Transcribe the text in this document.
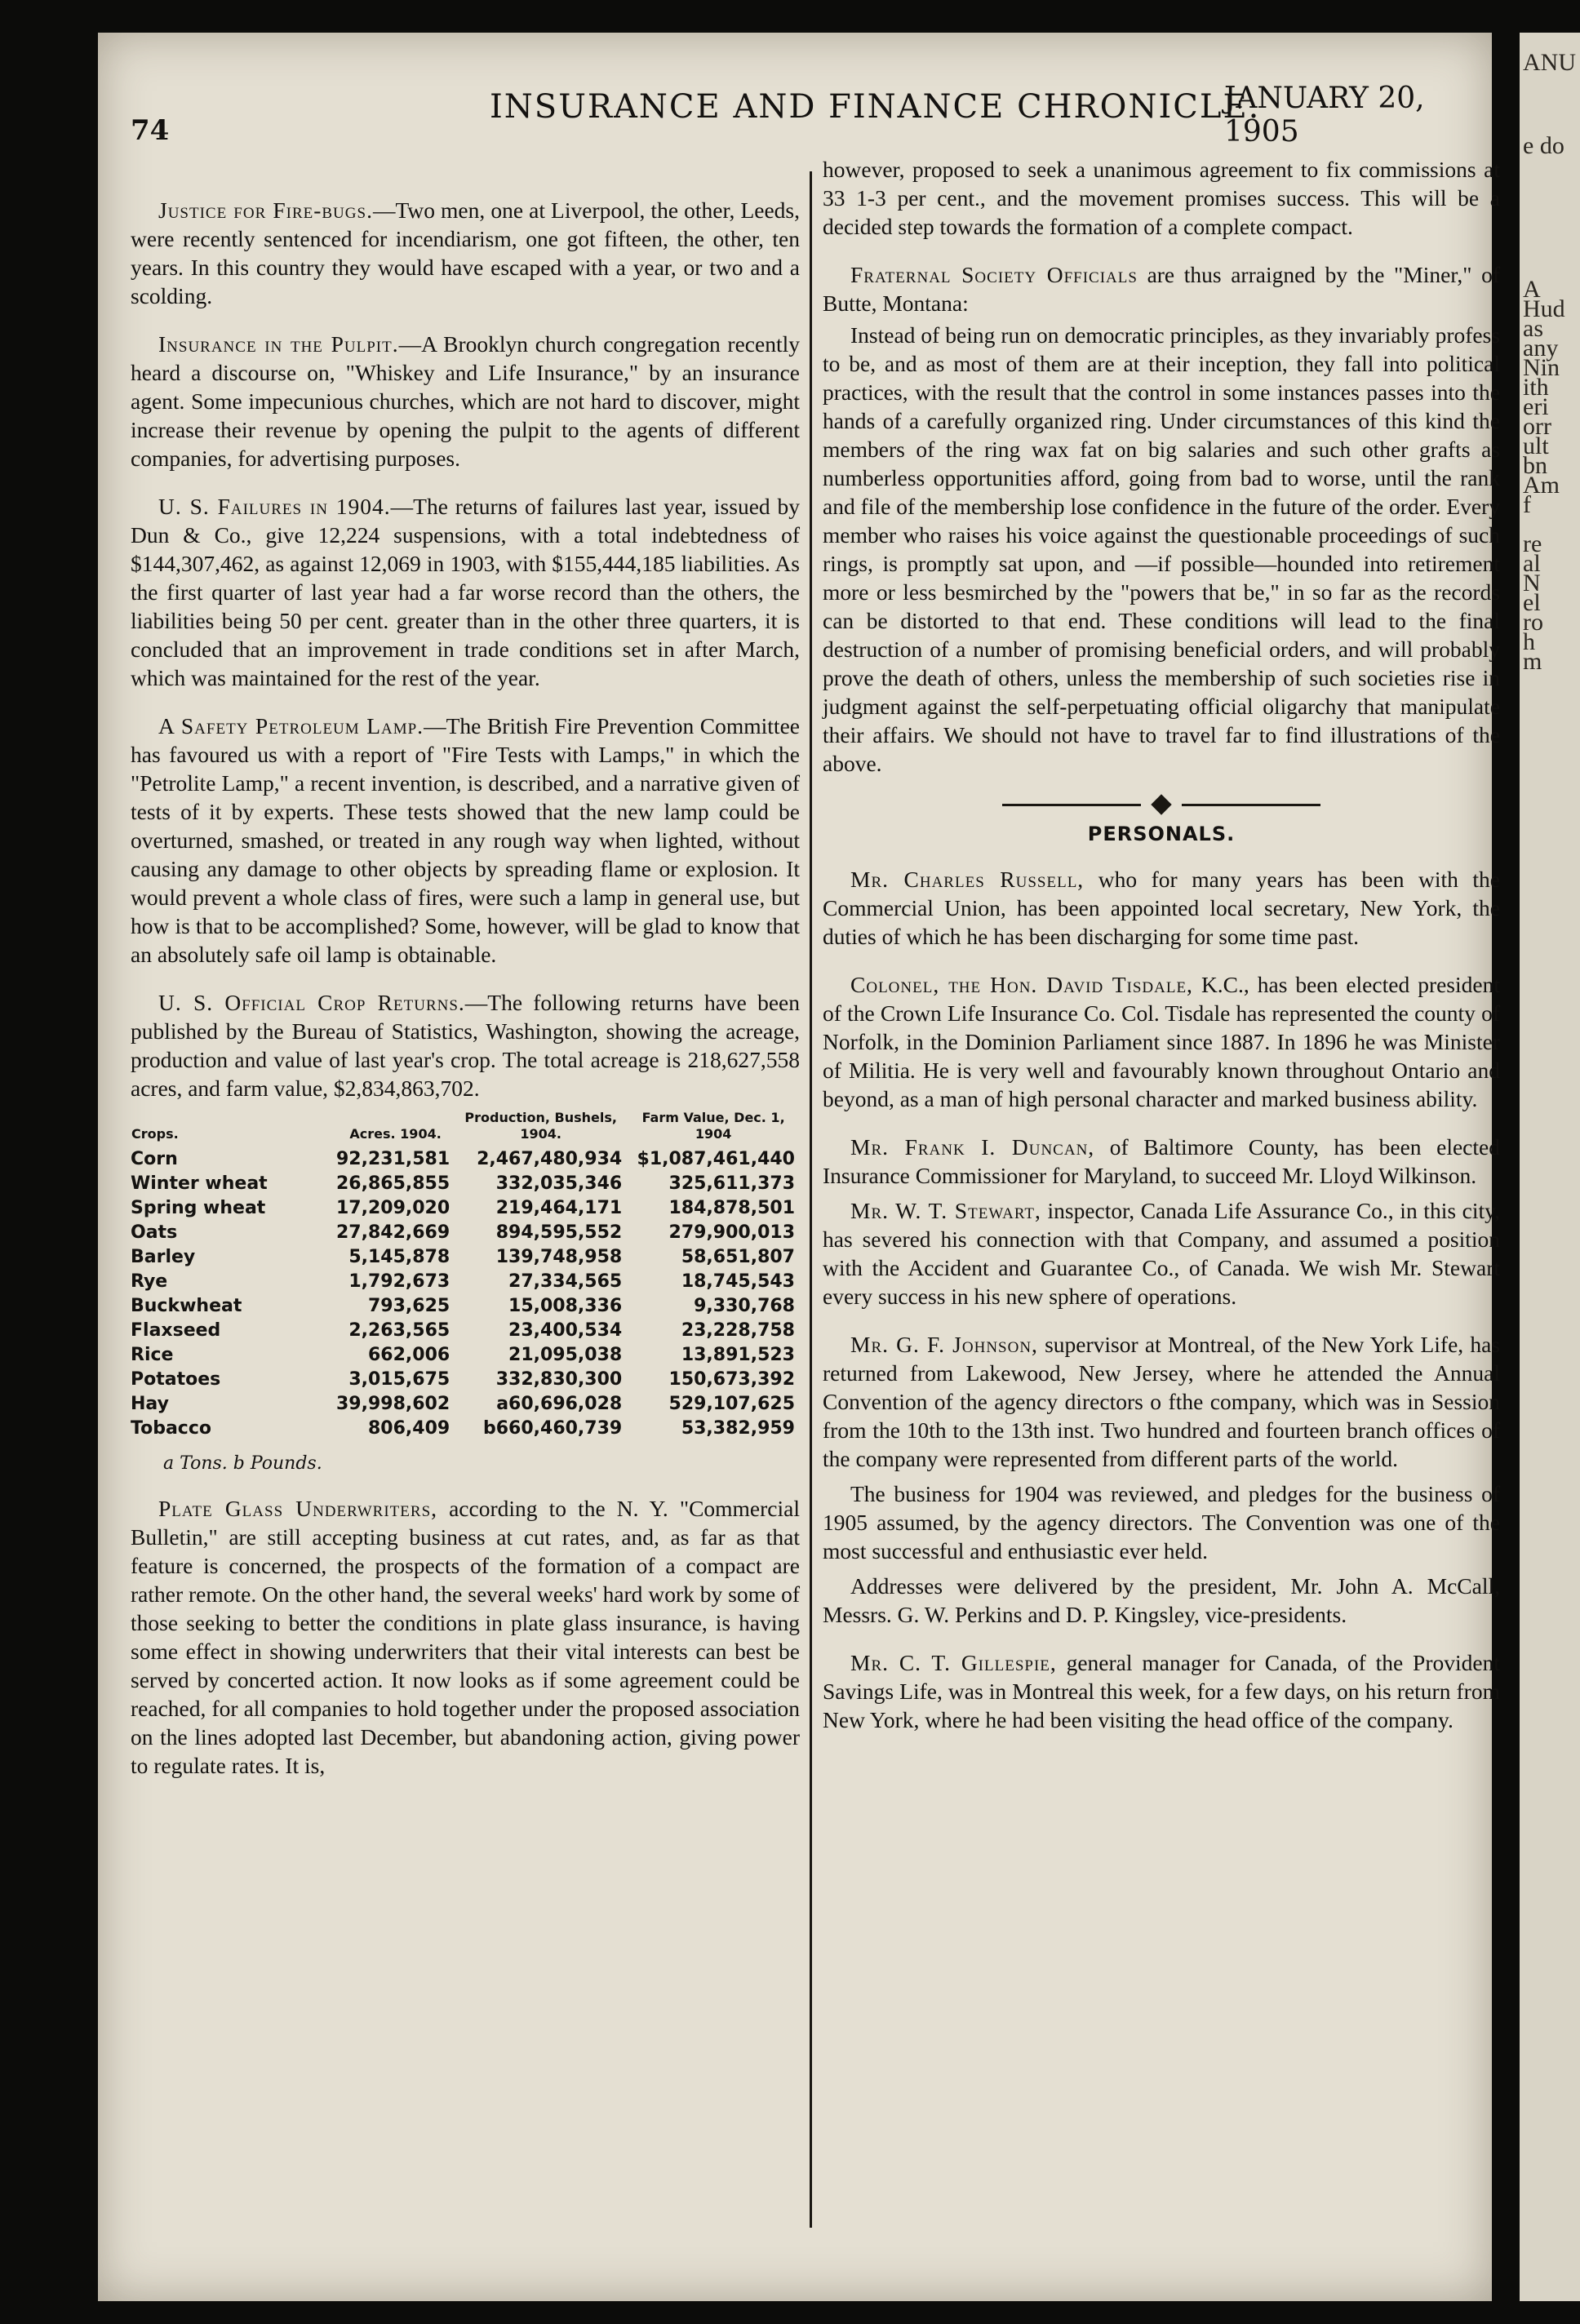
74
INSURANCE AND FINANCE CHRONICLE.
JANUARY 20, 1905

Justice for Fire-bugs.—Two men, one at Liverpool, the other, Leeds, were recently sentenced for incendiarism, one got fifteen, the other, ten years. In this country they would have escaped with a year, or two and a scolding.

Insurance in the Pulpit.—A Brooklyn church congregation recently heard a discourse on, "Whiskey and Life Insurance," by an insurance agent. Some impecunious churches, which are not hard to discover, might increase their revenue by opening the pulpit to the agents of different companies, for advertising purposes.

U. S. Failures in 1904.—The returns of failures last year, issued by Dun & Co., give 12,224 suspensions, with a total indebtedness of $144,307,462, as against 12,069 in 1903, with $155,444,185 liabilities. As the first quarter of last year had a far worse record than the others, the liabilities being 50 per cent. greater than in the other three quarters, it is concluded that an improvement in trade conditions set in after March, which was maintained for the rest of the year.

A Safety Petroleum Lamp.—The British Fire Prevention Committee has favoured us with a report of "Fire Tests with Lamps," in which the "Petrolite Lamp," a recent invention, is described, and a narrative given of tests of it by experts. These tests showed that the new lamp could be overturned, smashed, or treated in any rough way when lighted, without causing any damage to other objects by spreading flame or explosion. It would prevent a whole class of fires, were such a lamp in general use, but how is that to be accomplished? Some, however, will be glad to know that an absolutely safe oil lamp is obtainable.

U. S. Official Crop Returns.—The following returns have been published by the Bureau of Statistics, Washington, showing the acreage, production and value of last year's crop. The total acreage is 218,627,558 acres, and farm value, $2,834,863,702.

Crops.	Acres. 1904.	Production, Bushels, 1904.	Farm Value, Dec. 1, 1904
Corn	92,231,581	2,467,480,934	$1,087,461,440
Winter wheat	26,865,855	332,035,346	325,611,373
Spring wheat	17,209,020	219,464,171	184,878,501
Oats	27,842,669	894,595,552	279,900,013
Barley	5,145,878	139,748,958	58,651,807
Rye	1,792,673	27,334,565	18,745,543
Buckwheat	793,625	15,008,336	9,330,768
Flaxseed	2,263,565	23,400,534	23,228,758
Rice	662,006	21,095,038	13,891,523
Potatoes	3,015,675	332,830,300	150,673,392
Hay	39,998,602	a60,696,028	529,107,625
Tobacco	806,409	b660,460,739	53,382,959
a Tons. b Pounds.

Plate Glass Underwriters, according to the N. Y. "Commercial Bulletin," are still accepting business at cut rates, and, as far as that feature is concerned, the prospects of the formation of a compact are rather remote. On the other hand, the several weeks' hard work by some of those seeking to better the conditions in plate glass insurance, is having some effect in showing underwriters that their vital interests can best be served by concerted action. It now looks as if some agreement could be reached, for all companies to hold together under the proposed association on the lines adopted last December, but abandoning action, giving power to regulate rates. It is,

however, proposed to seek a unanimous agreement to fix commissions at 33 1-3 per cent., and the movement promises success. This will be a decided step towards the formation of a complete compact.

Fraternal Society Officials are thus arraigned by the "Miner," of Butte, Montana:

Instead of being run on democratic principles, as they invariably profess to be, and as most of them are at their inception, they fall into political practices, with the result that the control in some instances passes into the hands of a carefully organized ring. Under circumstances of this kind the members of the ring wax fat on big salaries and such other grafts as numberless opportunities afford, going from bad to worse, until the rank and file of the membership lose confidence in the future of the order. Every member who raises his voice against the questionable proceedings of such rings, is promptly sat upon, and —if possible—hounded into retirement more or less besmirched by the "powers that be," in so far as the records can be distorted to that end. These conditions will lead to the final destruction of a number of promising beneficial orders, and will probably prove the death of others, unless the membership of such societies rise in judgment against the self-perpetuating official oligarchy that manipulate their affairs. We should not have to travel far to find illustrations of the above.

PERSONALS.

Mr. Charles Russell, who for many years has been with the Commercial Union, has been appointed local secretary, New York, the duties of which he has been discharging for some time past.

Colonel, the Hon. David Tisdale, K.C., has been elected president of the Crown Life Insurance Co. Col. Tisdale has represented the county of Norfolk, in the Dominion Parliament since 1887. In 1896 he was Minister of Militia. He is very well and favourably known throughout Ontario and beyond, as a man of high personal character and marked business ability.

Mr. Frank I. Duncan, of Baltimore County, has been elected Insurance Commissioner for Maryland, to succeed Mr. Lloyd Wilkinson.

Mr. W. T. Stewart, inspector, Canada Life Assurance Co., in this city, has severed his connection with that Company, and assumed a position with the Accident and Guarantee Co., of Canada. We wish Mr. Stewart every success in his new sphere of operations.

Mr. G. F. Johnson, supervisor at Montreal, of the New York Life, has returned from Lakewood, New Jersey, where he attended the Annual Convention of the agency directors o fthe company, which was in Session from the 10th to the 13th inst. Two hundred and fourteen branch offices of the company were represented from different parts of the world.

The business for 1904 was reviewed, and pledges for the business of 1905 assumed, by the agency directors. The Convention was one of the most successful and enthusiastic ever held.

Addresses were delivered by the president, Mr. John A. McCall, Messrs. G. W. Perkins and D. P. Kingsley, vice-presidents.

Mr. C. T. Gillespie, general manager for Canada, of the Provident Savings Life, was in Montreal this week, for a few days, on his return from New York, where he had been visiting the head office of the company.

ANU
e do
A
Hud
as
any
Nin
ith
eri
orr
ult
bn
Am
f
re
al
N
el
ro
h
m
